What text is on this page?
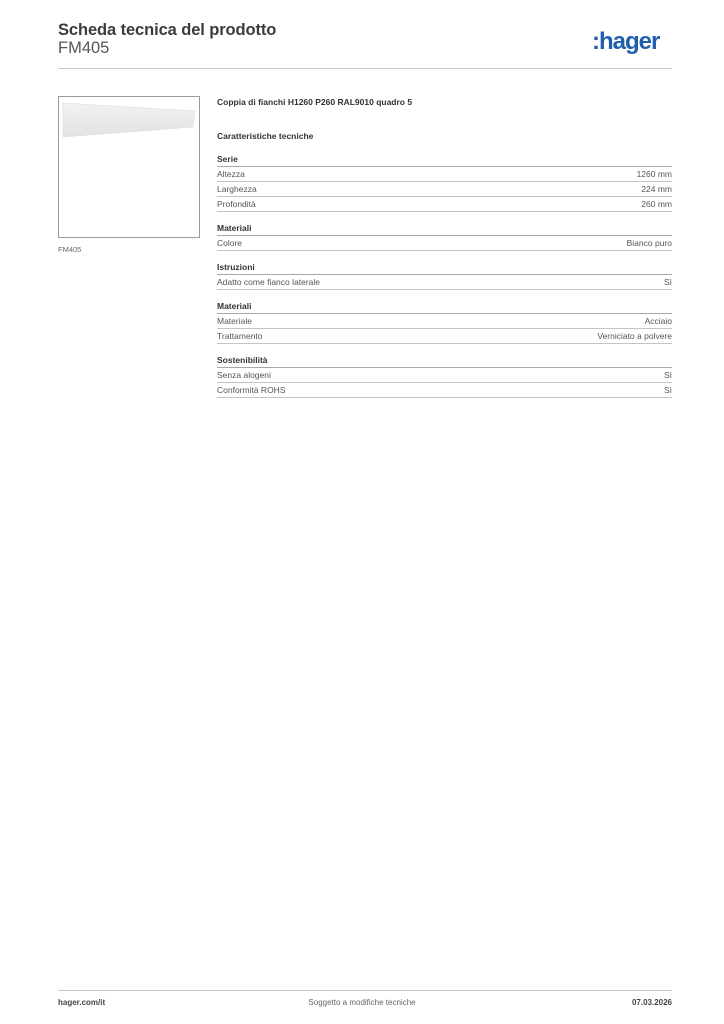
Scheda tecnica del prodotto
FM405	:hager
FM405
Coppia di fianchi H1260 P260 RAL9010 quadro 5
Caratteristiche tecniche
Serie
Altezza	1260 mm
Larghezza	224 mm
Profondità	260 mm
Materiali
Colore	Bianco puro
Istruzioni
Adatto come fianco laterale	Sì
Materiali
Materiale	Acciaio
Trattamento	Verniciato a polvere
Sostenibilità
Senza alogeni	Sì
Conformità ROHS	Sì
hager.com/it	Soggetto a modifiche tecniche	07.03.2026
